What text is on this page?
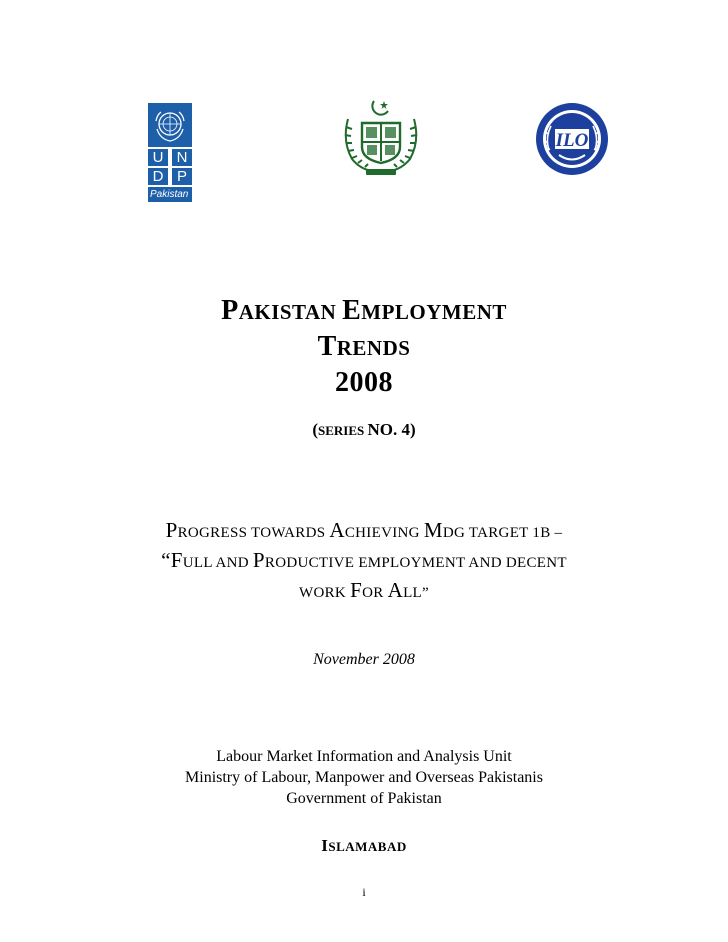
U N
D P
Pakistan
ILO
PAKISTAN EMPLOYMENT
TRENDS
2008
(SERIES NO. 4)
PROGRESS TOWARDS ACHIEVING MDG TARGET 1B –
“FULL AND PRODUCTIVE EMPLOYMENT AND DECENT
WORK FOR ALL”
November 2008
Labour Market Information and Analysis Unit
Ministry of Labour, Manpower and Overseas Pakistanis
Government of Pakistan
ISLAMABAD
i
